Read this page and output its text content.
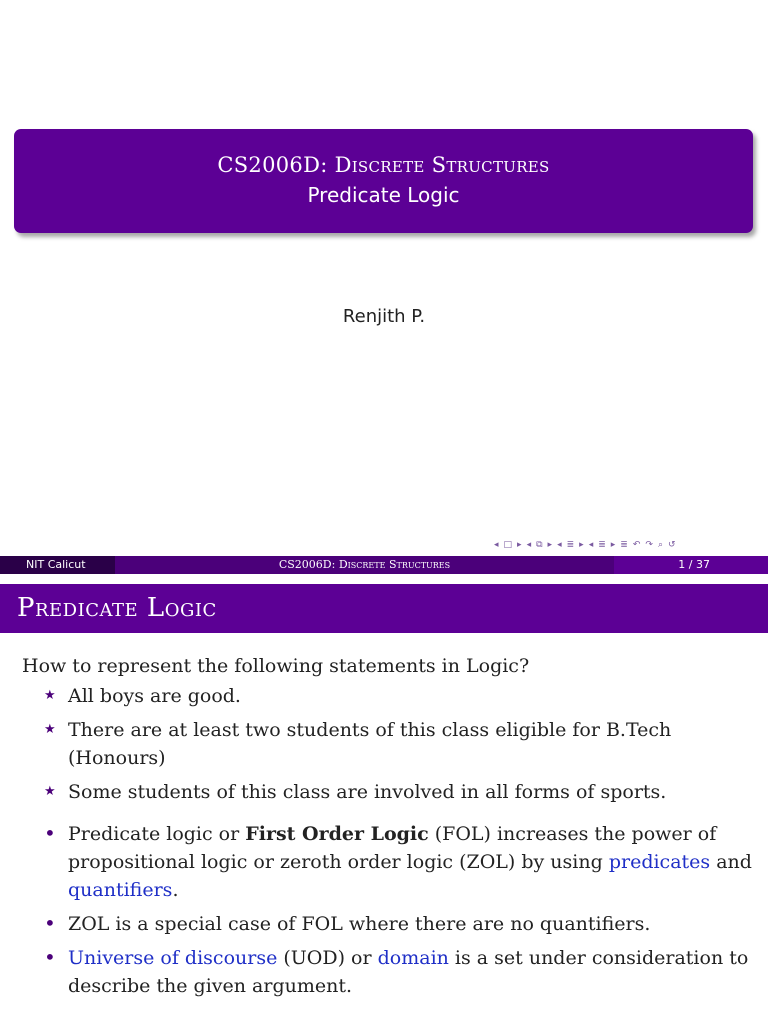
CS2006D: Discrete Structures
Predicate Logic
Renjith P.
◂ □ ▸ ◂ ⧉ ▸ ◂ ≣ ▸ ◂ ≣ ▸ ≣ ↶ ↷ ⌕ ↺
NIT Calicut	CS2006D: Discrete Structures	1 / 37
Predicate Logic

How to represent the following statements in Logic?

★ All boys are good.
★ There are at least two students of this class eligible for B.Tech (Honours)
★ Some students of this class are involved in all forms of sports.
• Predicate logic or First Order Logic (FOL) increases the power of propositional logic or zeroth order logic (ZOL) by using predicates and quantifiers.
• ZOL is a special case of FOL where there are no quantifiers.
• Universe of discourse (UOD) or domain is a set under consideration to describe the given argument.
